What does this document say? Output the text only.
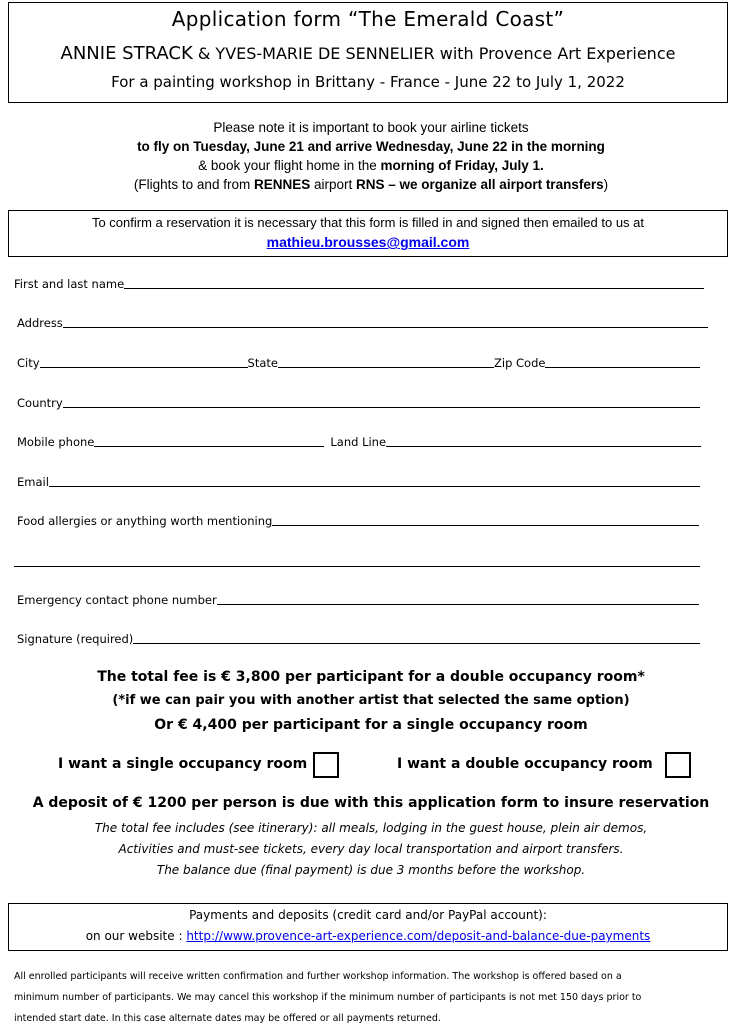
Application form “The Emerald Coast”
ANNIE STRACK & YVES-MARIE DE SENNELIER with Provence Art Experience
For a painting workshop in Brittany - France - June 22 to July 1, 2022
Please note it is important to book your airline tickets
to fly on Tuesday, June 21 and arrive Wednesday, June 22 in the morning
& book your flight home in the morning of Friday, July 1.
(Flights to and from RENNES airport RNS – we organize all airport transfers)
To confirm a reservation it is necessary that this form is filled in and signed then emailed to us at
mathieu.brousses@gmail.com
First and last name
Address
City	State	Zip Code
Country
Mobile phone	Land Line
Email
Food allergies or anything worth mentioning
Emergency contact phone number
Signature (required)
The total fee is € 3,800 per participant for a double occupancy room*
(*if we can pair you with another artist that selected the same option)
Or € 4,400 per participant for a single occupancy room
I want a single occupancy room	I want a double occupancy room
A deposit of € 1200 per person is due with this application form to insure reservation
The total fee includes (see itinerary): all meals, lodging in the guest house, plein air demos,
Activities and must-see tickets, every day local transportation and airport transfers.
The balance due (final payment) is due 3 months before the workshop.
Payments and deposits (credit card and/or PayPal account):
on our website : http://www.provence-art-experience.com/deposit-and-balance-due-payments
All enrolled participants will receive written confirmation and further workshop information. The workshop is offered based on a
minimum number of participants. We may cancel this workshop if the minimum number of participants is not met 150 days prior to
intended start date. In this case alternate dates may be offered or all payments returned.
